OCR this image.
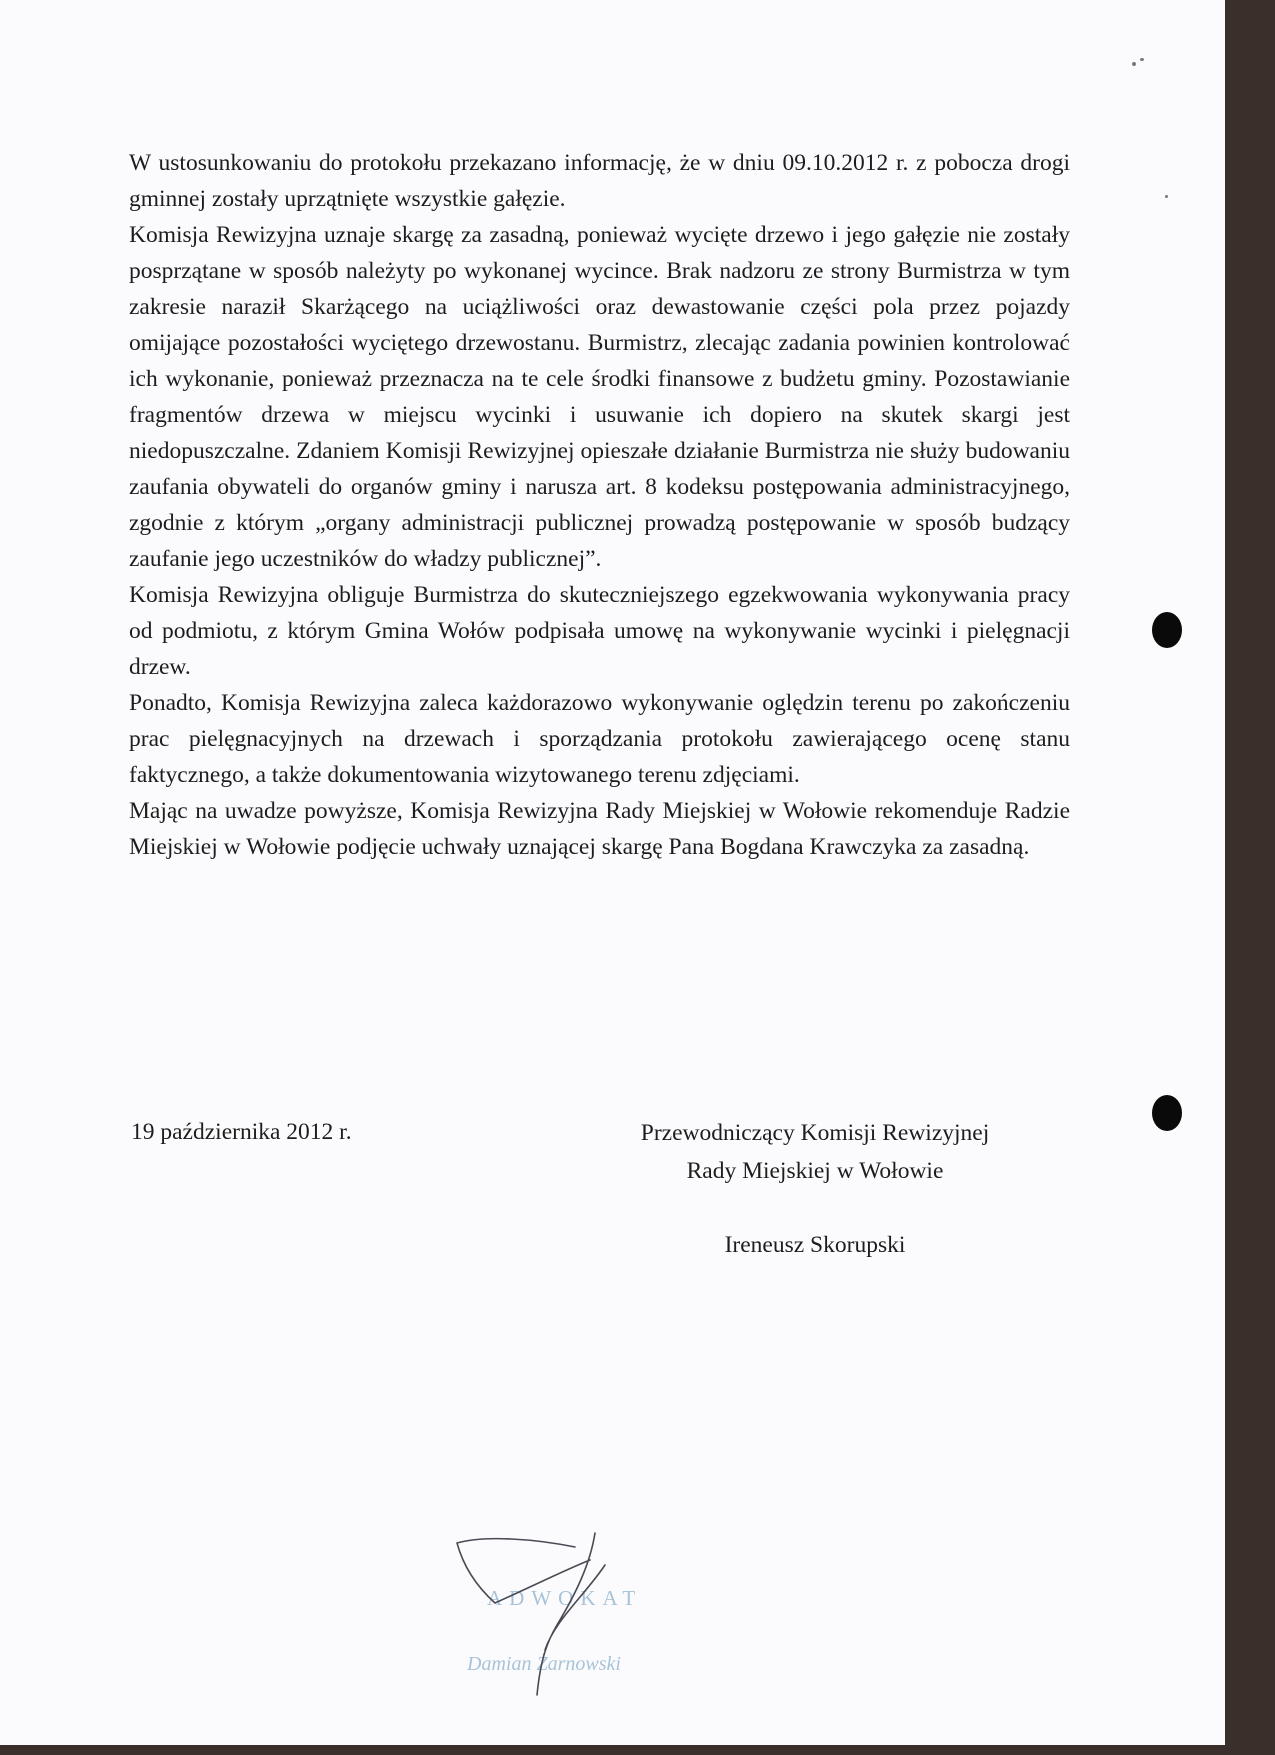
W ustosunkowaniu do protokołu przekazano informację, że w dniu 09.10.2012 r. z pobocza drogi gminnej zostały uprzątnięte wszystkie gałęzie.

Komisja Rewizyjna uznaje skargę za zasadną, ponieważ wycięte drzewo i jego gałęzie nie zostały posprzątane w sposób należyty po wykonanej wycince. Brak nadzoru ze strony Burmistrza w tym zakresie naraził Skarżącego na uciążliwości oraz dewastowanie części pola przez pojazdy omijające pozostałości wyciętego drzewostanu. Burmistrz, zlecając zadania powinien kontrolować ich wykonanie, ponieważ przeznacza na te cele środki finansowe z budżetu gminy. Pozostawianie fragmentów drzewa w miejscu wycinki i usuwanie ich dopiero na skutek skargi jest niedopuszczalne. Zdaniem Komisji Rewizyjnej opieszałe działanie Burmistrza nie służy budowaniu zaufania obywateli do organów gminy i narusza art. 8 kodeksu postępowania administracyjnego, zgodnie z którym „organy administracji publicznej prowadzą postępowanie w sposób budzący zaufanie jego uczestników do władzy publicznej”.

Komisja Rewizyjna obliguje Burmistrza do skuteczniejszego egzekwowania wykonywania pracy od podmiotu, z którym Gmina Wołów podpisała umowę na wykonywanie wycinki i pielęgnacji drzew.

Ponadto, Komisja Rewizyjna zaleca każdorazowo wykonywanie oględzin terenu po zakończeniu prac pielęgnacyjnych na drzewach i sporządzania protokołu zawierającego ocenę stanu faktycznego, a także dokumentowania wizytowanego terenu zdjęciami.

Mając na uwadze powyższe, Komisja Rewizyjna Rady Miejskiej w Wołowie rekomenduje Radzie Miejskiej w Wołowie podjęcie uchwały uznającej skargę Pana Bogdana Krawczyka za zasadną.

19 października 2012 r.	Przewodniczący Komisji Rewizyjnej
Rady Miejskiej w Wołowie
Ireneusz Skorupski
ADWOKAT
Damian Żarnowski
